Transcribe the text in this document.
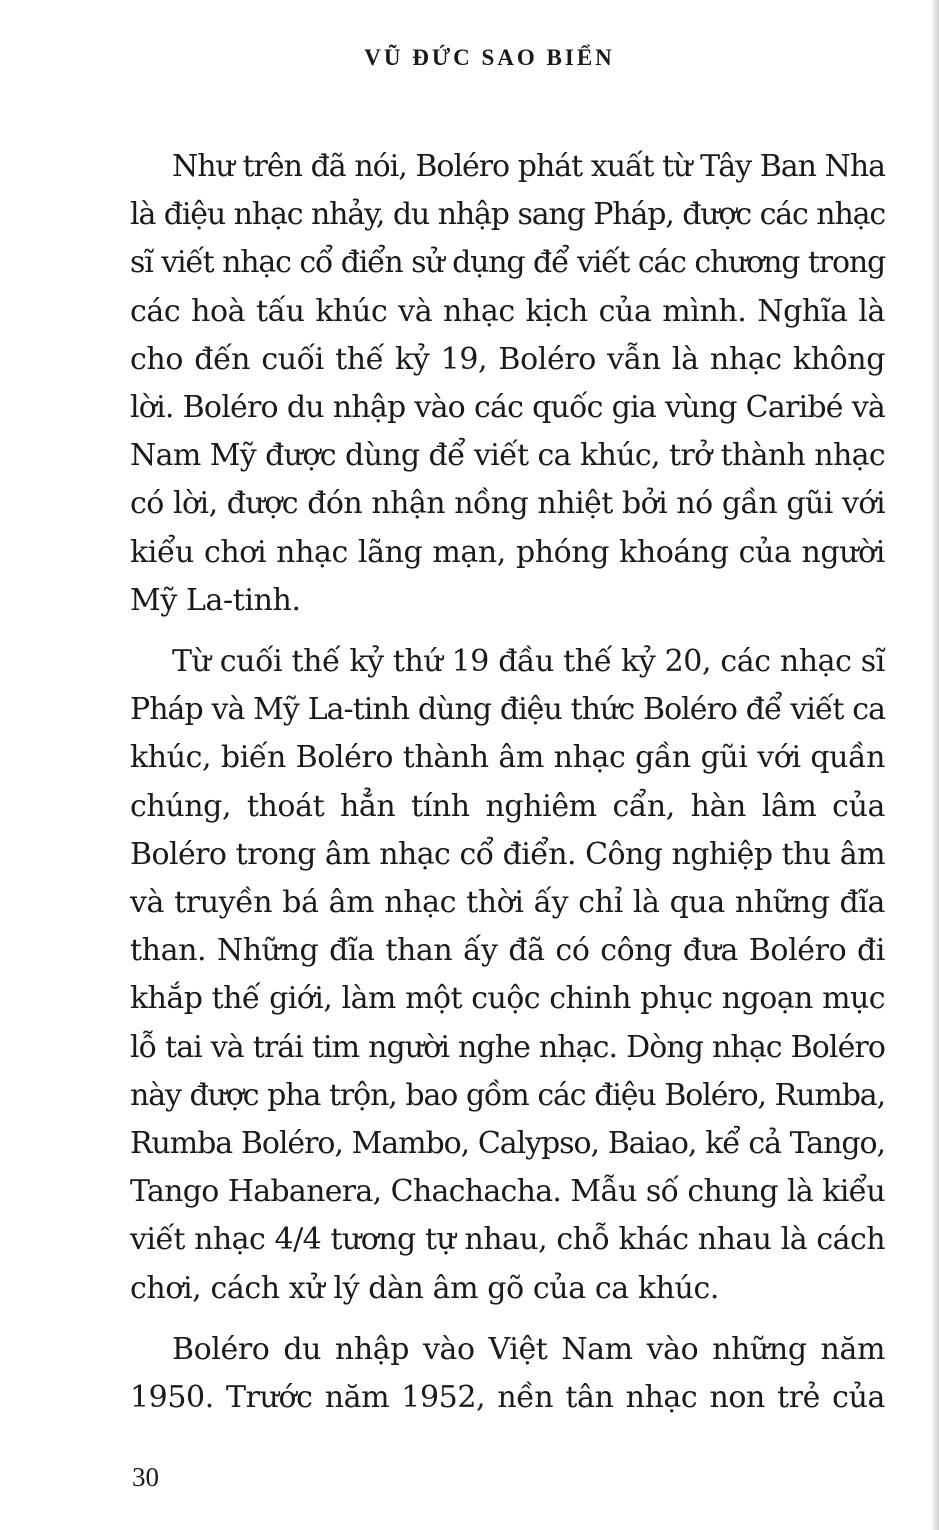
VŨ ĐỨC SAO BIỂN

Như trên đã nói, Boléro phát xuất từ Tây Ban Nha
là điệu nhạc nhảy, du nhập sang Pháp, được các nhạc
sĩ viết nhạc cổ điển sử dụng để viết các chương trong
các hoà tấu khúc và nhạc kịch của mình. Nghĩa là
cho đến cuối thế kỷ 19, Boléro vẫn là nhạc không
lời. Boléro du nhập vào các quốc gia vùng Caribé và
Nam Mỹ được dùng để viết ca khúc, trở thành nhạc
có lời, được đón nhận nồng nhiệt bởi nó gần gũi với
kiểu chơi nhạc lãng mạn, phóng khoáng của người
Mỹ La-tinh.

Từ cuối thế kỷ thứ 19 đầu thế kỷ 20, các nhạc sĩ
Pháp và Mỹ La-tinh dùng điệu thức Boléro để viết ca
khúc, biến Boléro thành âm nhạc gần gũi với quần
chúng, thoát hẳn tính nghiêm cẩn, hàn lâm của
Boléro trong âm nhạc cổ điển. Công nghiệp thu âm
và truyền bá âm nhạc thời ấy chỉ là qua những đĩa
than. Những đĩa than ấy đã có công đưa Boléro đi
khắp thế giới, làm một cuộc chinh phục ngoạn mục
lỗ tai và trái tim người nghe nhạc. Dòng nhạc Boléro
này được pha trộn, bao gồm các điệu Boléro, Rumba,
Rumba Boléro, Mambo, Calypso, Baiao, kể cả Tango,
Tango Habanera, Chachacha. Mẫu số chung là kiểu
viết nhạc 4/4 tương tự nhau, chỗ khác nhau là cách
chơi, cách xử lý dàn âm gõ của ca khúc.

Boléro du nhập vào Việt Nam vào những năm
1950. Trước năm 1952, nền tân nhạc non trẻ của

30
